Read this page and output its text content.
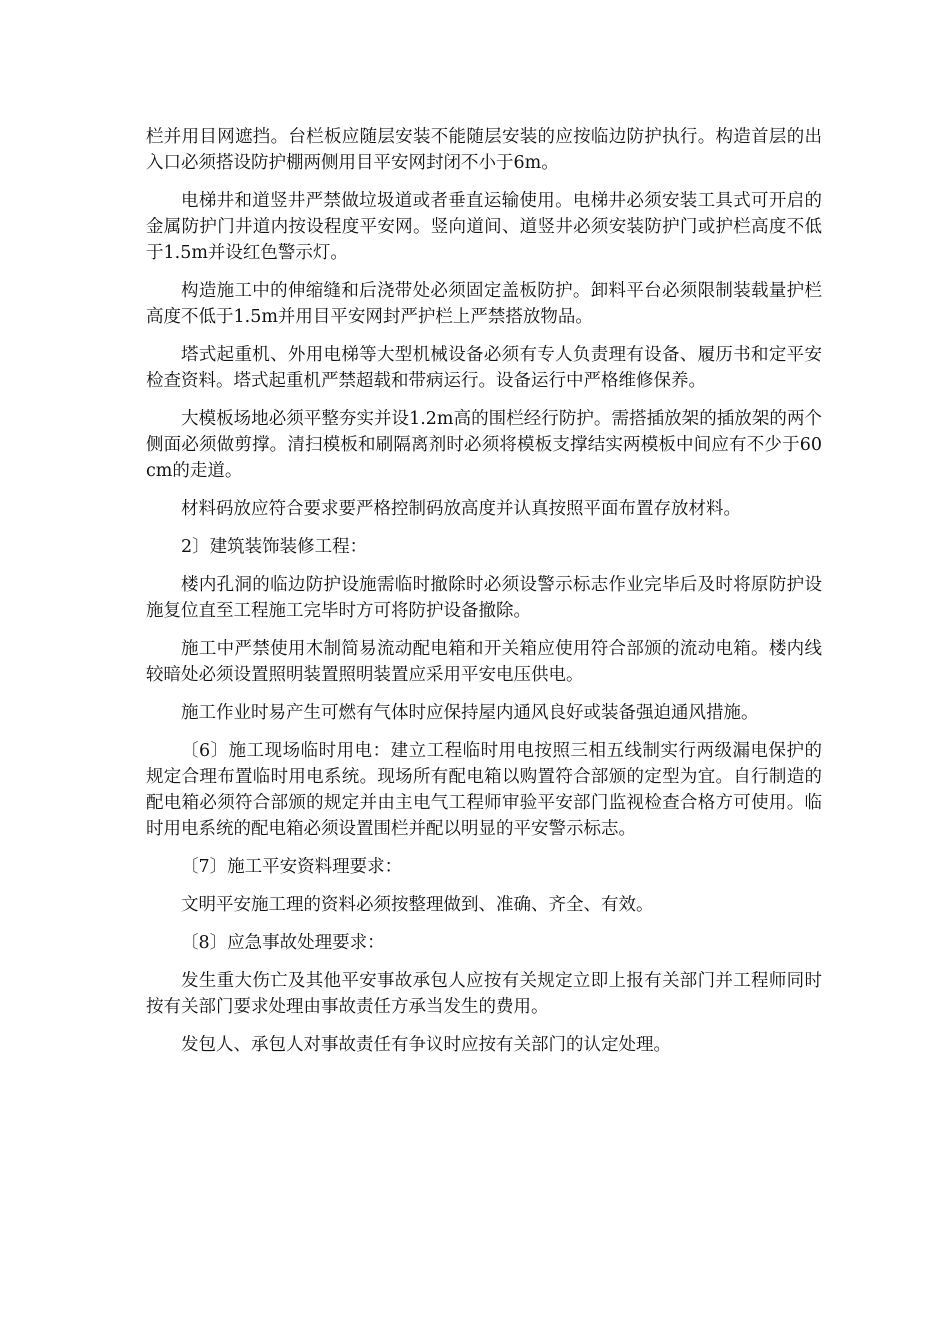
栏并用目网遮挡。台栏板应随层安装不能随层安装的应按临边防护执行。构造首层的出入口必须搭设防护棚两侧用目平安网封闭不小于6m。

电梯井和道竖井严禁做垃圾道或者垂直运输使用。电梯井必须安装工具式可开启的金属防护门井道内按设程度平安网。竖向道间、道竖井必须安装防护门或护栏高度不低于1.5m并设红色警示灯。

构造施工中的伸缩缝和后浇带处必须固定盖板防护。卸料平台必须限制装载量护栏高度不低于1.5m并用目平安网封严护栏上严禁搭放物品。

塔式起重机、外用电梯等大型机械设备必须有专人负责理有设备、履历书和定平安检查资料。塔式起重机严禁超载和带病运行。设备运行中严格维修保养。

大模板场地必须平整夯实并设1.2m高的围栏经行防护。需搭插放架的插放架的两个侧面必须做剪撑。清扫模板和刷隔离剂时必须将模板支撑结实两模板中间应有不少于60cm的走道。

材料码放应符合要求要严格控制码放高度并认真按照平面布置存放材料。

2〕建筑装饰装修工程：

楼内孔洞的临边防护设施需临时撤除时必须设警示标志作业完毕后及时将原防护设施复位直至工程施工完毕时方可将防护设备撤除。

施工中严禁使用木制简易流动配电箱和开关箱应使用符合部颁的流动电箱。楼内线较暗处必须设置照明装置照明装置应采用平安电压供电。

施工作业时易产生可燃有气体时应保持屋内通风良好或装备强迫通风措施。

〔6〕施工现场临时用电：建立工程临时用电按照三相五线制实行两级漏电保护的规定合理布置临时用电系统。现场所有配电箱以购置符合部颁的定型为宜。自行制造的配电箱必须符合部颁的规定并由主电气工程师审验平安部门监视检查合格方可使用。临时用电系统的配电箱必须设置围栏并配以明显的平安警示标志。

〔7〕施工平安资料理要求：

文明平安施工理的资料必须按整理做到、准确、齐全、有效。

〔8〕应急事故处理要求：

发生重大伤亡及其他平安事故承包人应按有关规定立即上报有关部门并工程师同时按有关部门要求处理由事故责任方承当发生的费用。

发包人、承包人对事故责任有争议时应按有关部门的认定处理。
